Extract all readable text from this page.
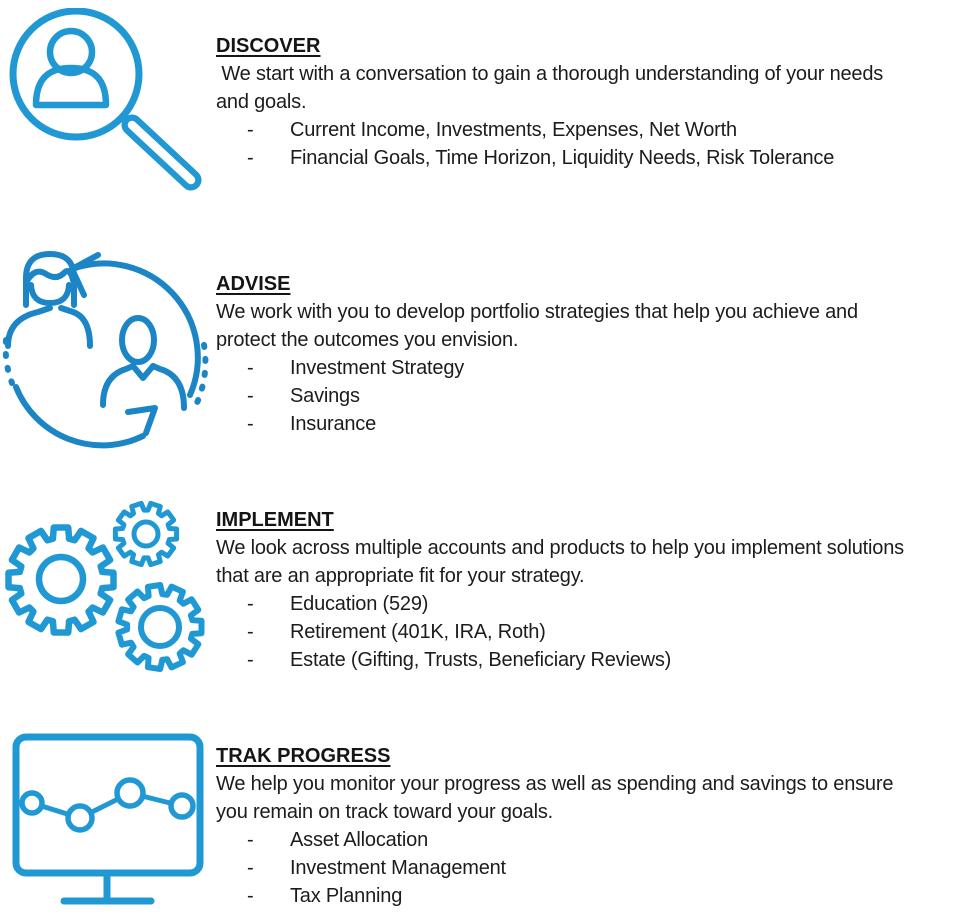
DISCOVER
We start with a conversation to gain a thorough understanding of your needs
and goals.
- Current Income, Investments, Expenses, Net Worth
- Financial Goals, Time Horizon, Liquidity Needs, Risk Tolerance
ADVISE
We work with you to develop portfolio strategies that help you achieve and
protect the outcomes you envision.
- Investment Strategy
- Savings
- Insurance
IMPLEMENT
We look across multiple accounts and products to help you implement solutions
that are an appropriate fit for your strategy.
- Education (529)
- Retirement (401K, IRA, Roth)
- Estate (Gifting, Trusts, Beneficiary Reviews)
TRAK PROGRESS
We help you monitor your progress as well as spending and savings to ensure
you remain on track toward your goals.
- Asset Allocation
- Investment Management
- Tax Planning
